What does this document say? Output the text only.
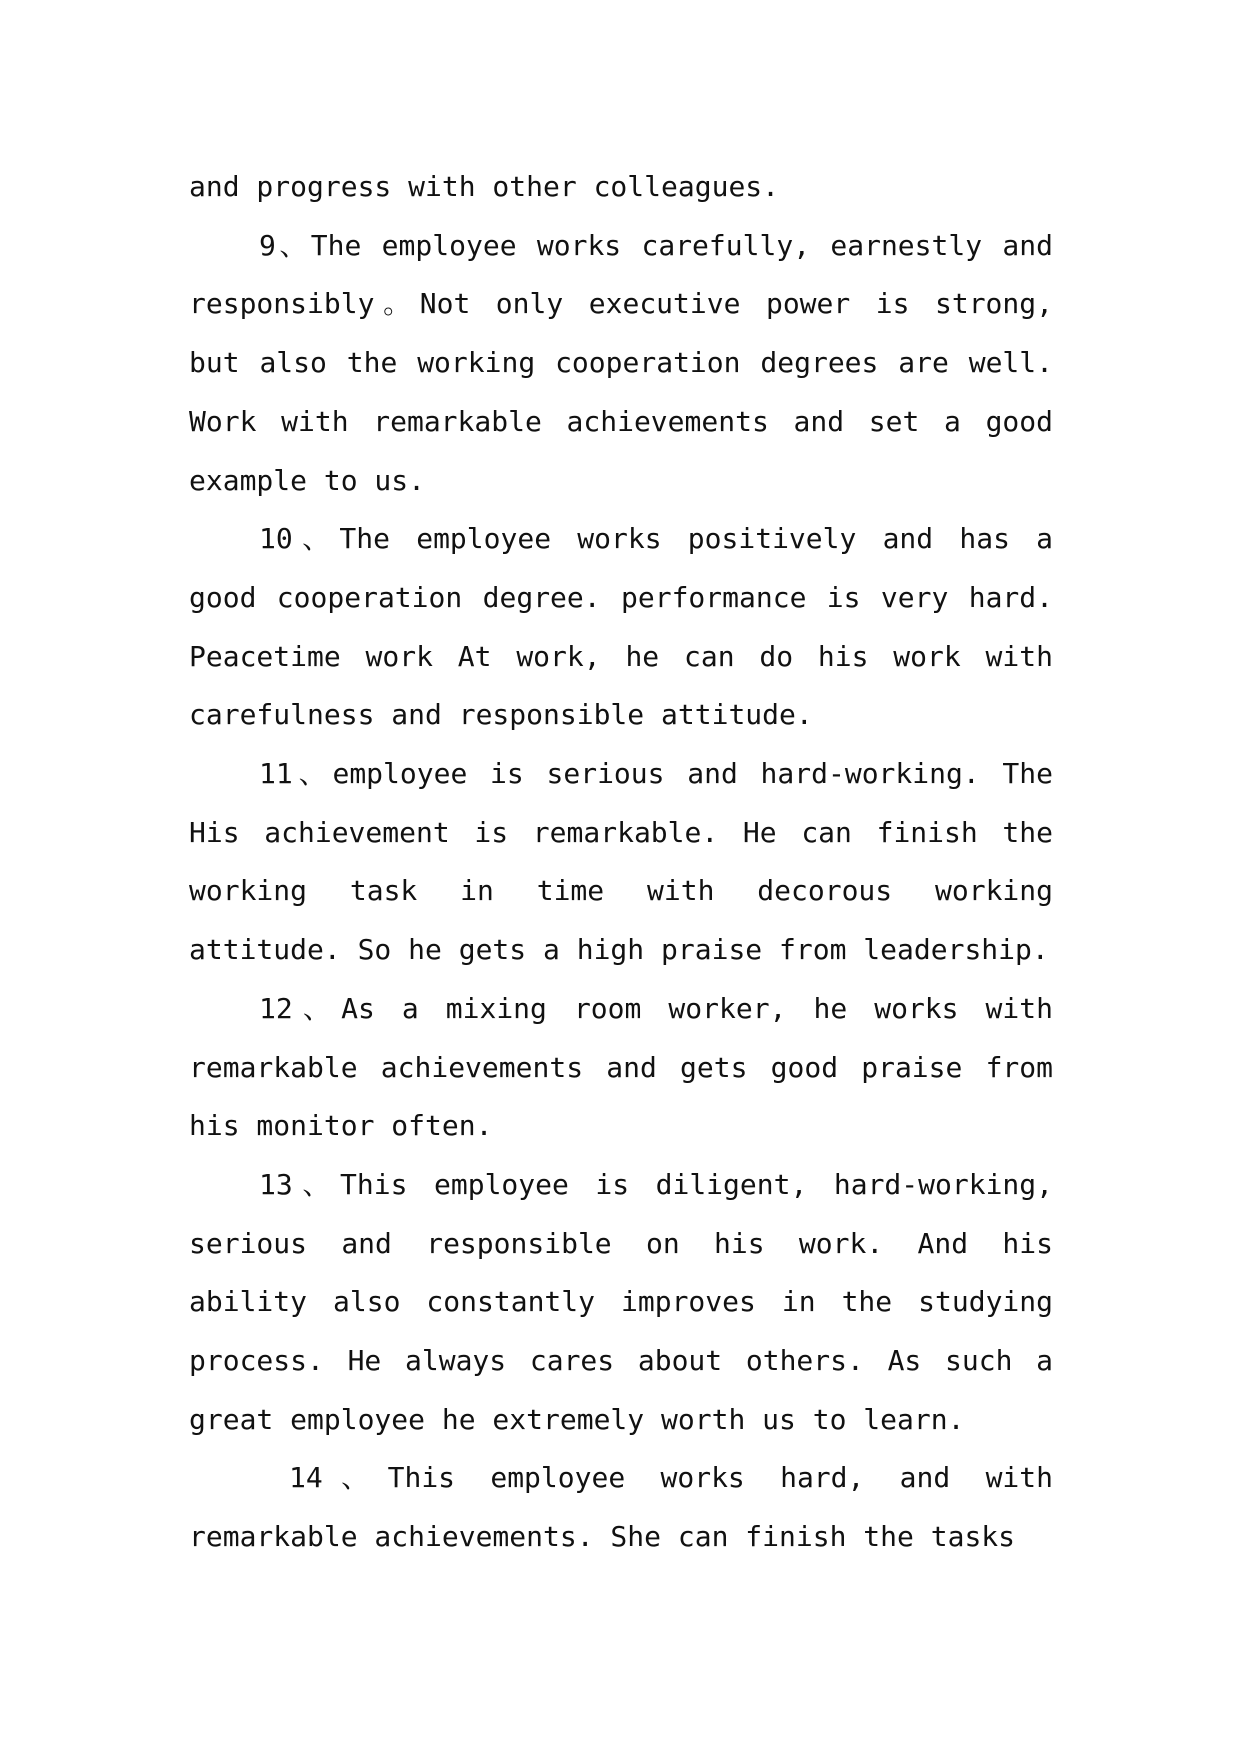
and progress with other colleagues.

9、The employee works carefully, earnestly and responsibly。Not only executive power is strong, but also the working cooperation degrees are well. Work with remarkable achievements and set a good example to us.

10、The employee works positively and has a good cooperation degree. performance is very hard. Peacetime work At work, he can do his work with carefulness and responsible attitude.

11、employee is serious and hard-working. The His achievement is remarkable. He can finish the working task in time with decorous working attitude. So he gets a high praise from leadership.

12、As a mixing room worker, he works with remarkable achievements and gets good praise from his monitor often.

13、This employee is diligent, hard-working, serious and responsible on his work. And his ability also constantly improves in the studying process. He always cares about others. As such a great employee he extremely worth us to learn.

14、This employee works hard, and with remarkable achievements. She can finish the tasks
